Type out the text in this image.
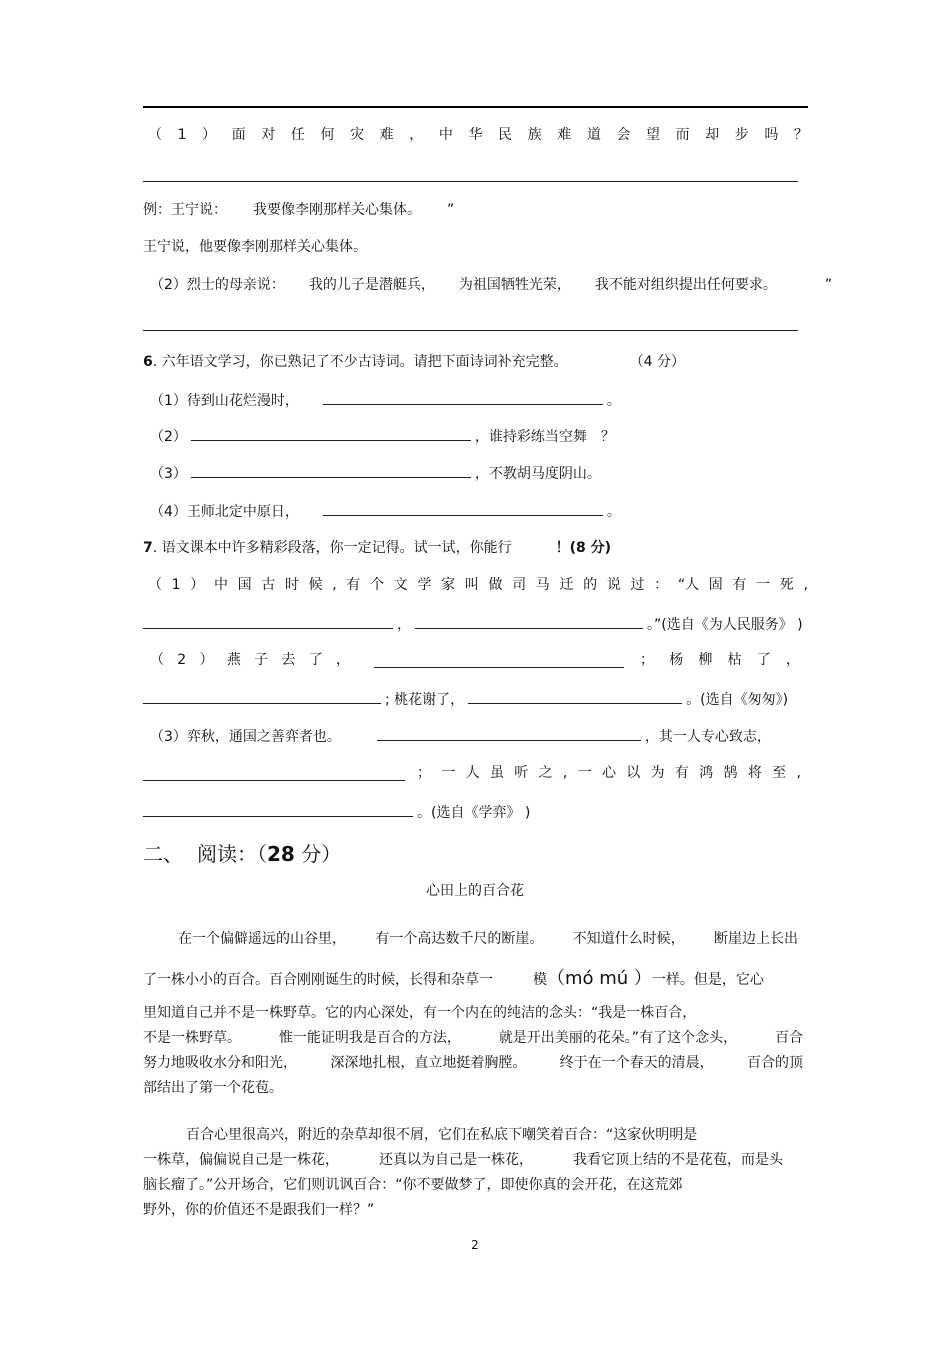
（ 1 ） 面 对 任 何 灾 难 ， 中 华 民 族 难 道 会 望 而 却 步 吗 ？
例：王宁说： 我要像李刚那样关心集体。 ”
王宁说，他要像李刚那样关心集体。
（2）烈士的母亲说： 我的儿子是潜艇兵， 为祖国牺牲光荣， 我不能对组织提出任何要求。	”
6. 六年语文学习，你已熟记了不少古诗词。请把下面诗词补充完整。	（4 分）
（1）待到山花烂漫时，	。
（2）	，谁持彩练当空舞　？
（3）	，不教胡马度阴山。
（4）王师北定中原日，	。
7. 语文课本中许多精彩段落，你一定记得。试一试，你能行	！(8 分)
（ 1 ） 中 国 古 时 候 , 有 个 文 学 家 叫 做 司 马 迁 的 说 过 ： “人 固 有 一 死 ,
，	。”(选自《为人民服务》 )
（ 2 ） 燕 子 去 了 ，	； 杨 柳 枯 了 ，
; 桃花谢了，	。(选自《匆匆》)
（3）弈秋，通国之善弈者也。	，其一人专心致志，
； 一 人 虽 听 之 , 一 心 以 为 有 鸿 鹄 将 至 ,
。(选自《学弈》 )
二、 阅读：（28 分）
心田上的百合花
在一个偏僻遥远的山谷里， 有一个高达数千尺的断崖。 不知道什么时候， 断崖边上长出
了一株小小的百合。百合刚刚诞生的时候，长得和杂草一	模（mó mú ）一样。但是，它心
里知道自己并不是一株野草。它的内心深处，有一个内在的纯洁的念头：“我是一株百合，
不是一株野草。	惟一能证明我是百合的方法，	就是开出美丽的花朵。”有了这个念头，	百合
努力地吸收水分和阳光， 深深地扎根，直立地挺着胸膛。 终于在一个春天的清晨， 百合的顶
部结出了第一个花苞。
百合心里很高兴，附近的杂草却很不屑，它们在私底下嘲笑着百合：“这家伙明明是
一株草，偏偏说自己是一株花，	还真以为自己是一株花，	我看它顶上结的不是花苞，而是头
脑长瘤了。”公开场合，它们则讥讽百合：“你不要做梦了，即使你真的会开花，在这荒郊
野外，你的价值还不是跟我们一样？”
2
